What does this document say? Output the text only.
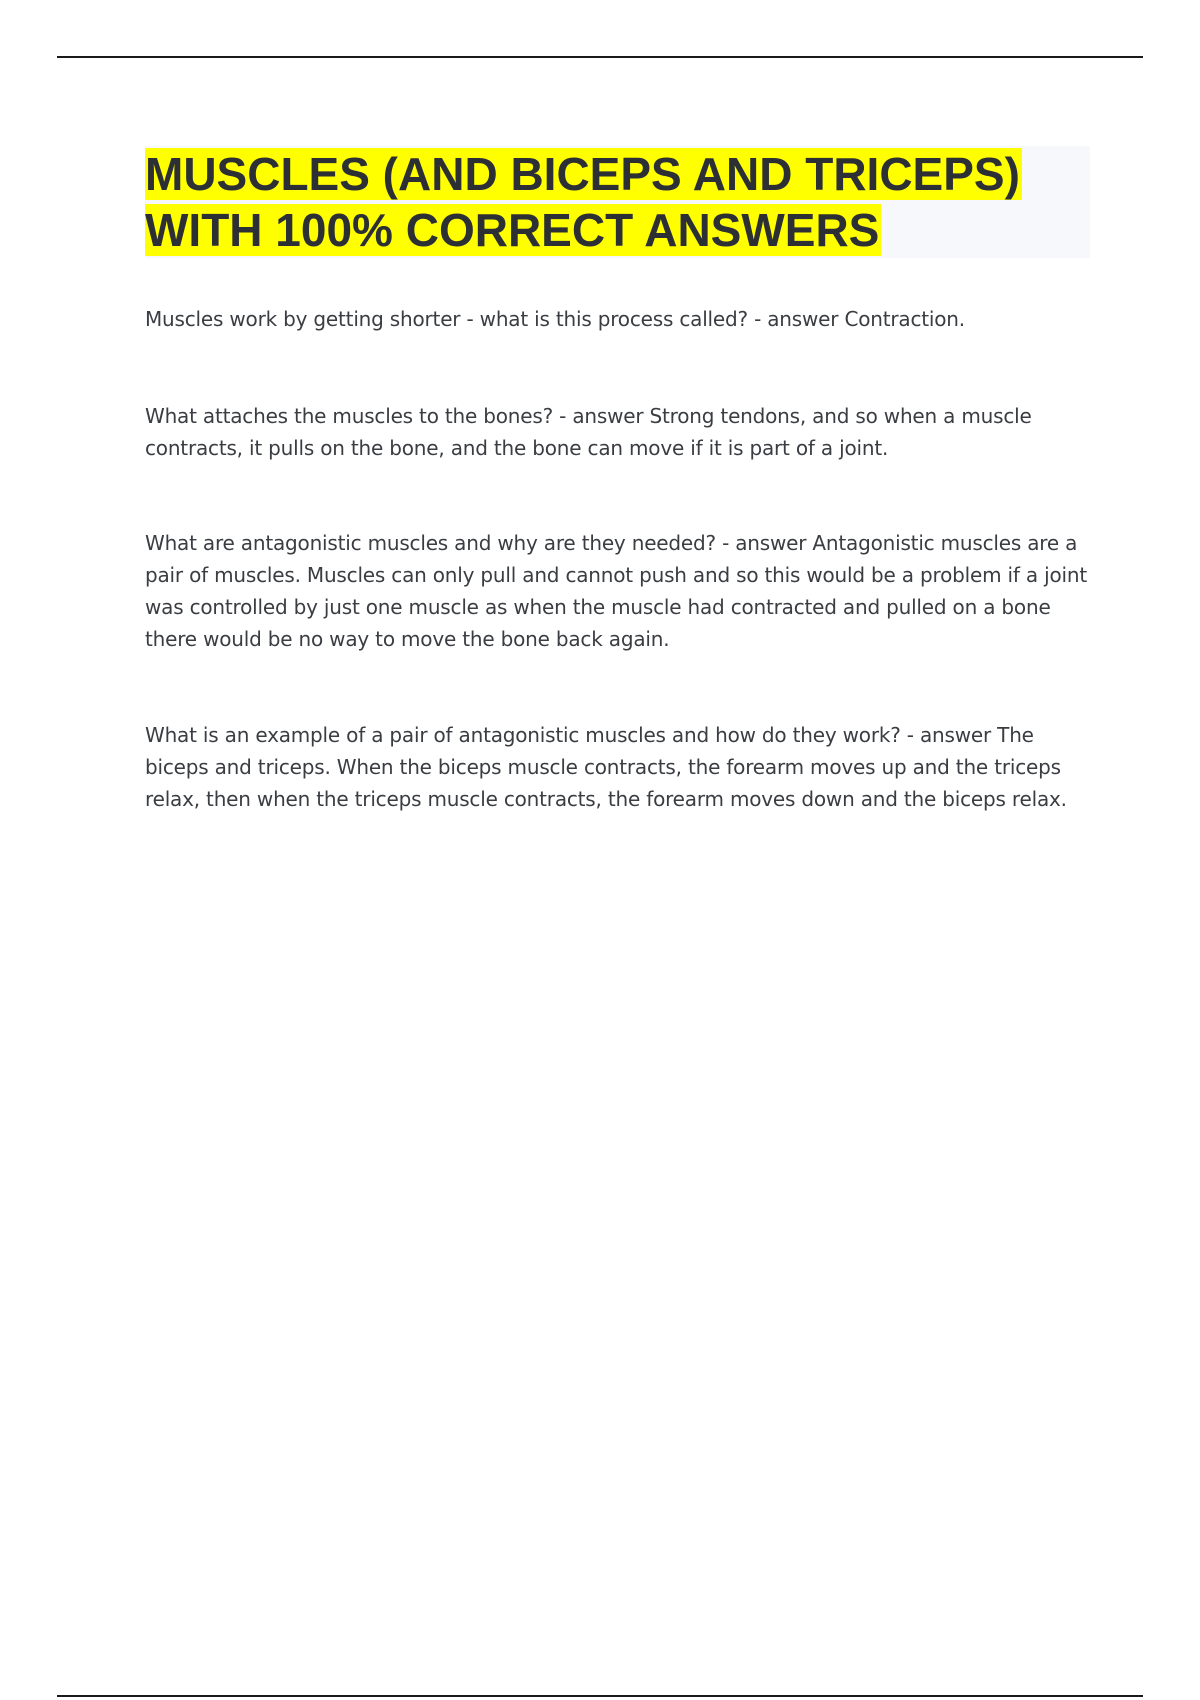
MUSCLES (AND BICEPS AND TRICEPS) WITH 100% CORRECT ANSWERS

Muscles work by getting shorter - what is this process called? - answer Contraction.

What attaches the muscles to the bones? - answer Strong tendons, and so when a muscle contracts, it pulls on the bone, and the bone can move if it is part of a joint.

What are antagonistic muscles and why are they needed? - answer Antagonistic muscles are a pair of muscles. Muscles can only pull and cannot push and so this would be a problem if a joint was controlled by just one muscle as when the muscle had contracted and pulled on a bone there would be no way to move the bone back again.

What is an example of a pair of antagonistic muscles and how do they work? - answer The biceps and triceps. When the biceps muscle contracts, the forearm moves up and the triceps relax, then when the triceps muscle contracts, the forearm moves down and the biceps relax.
